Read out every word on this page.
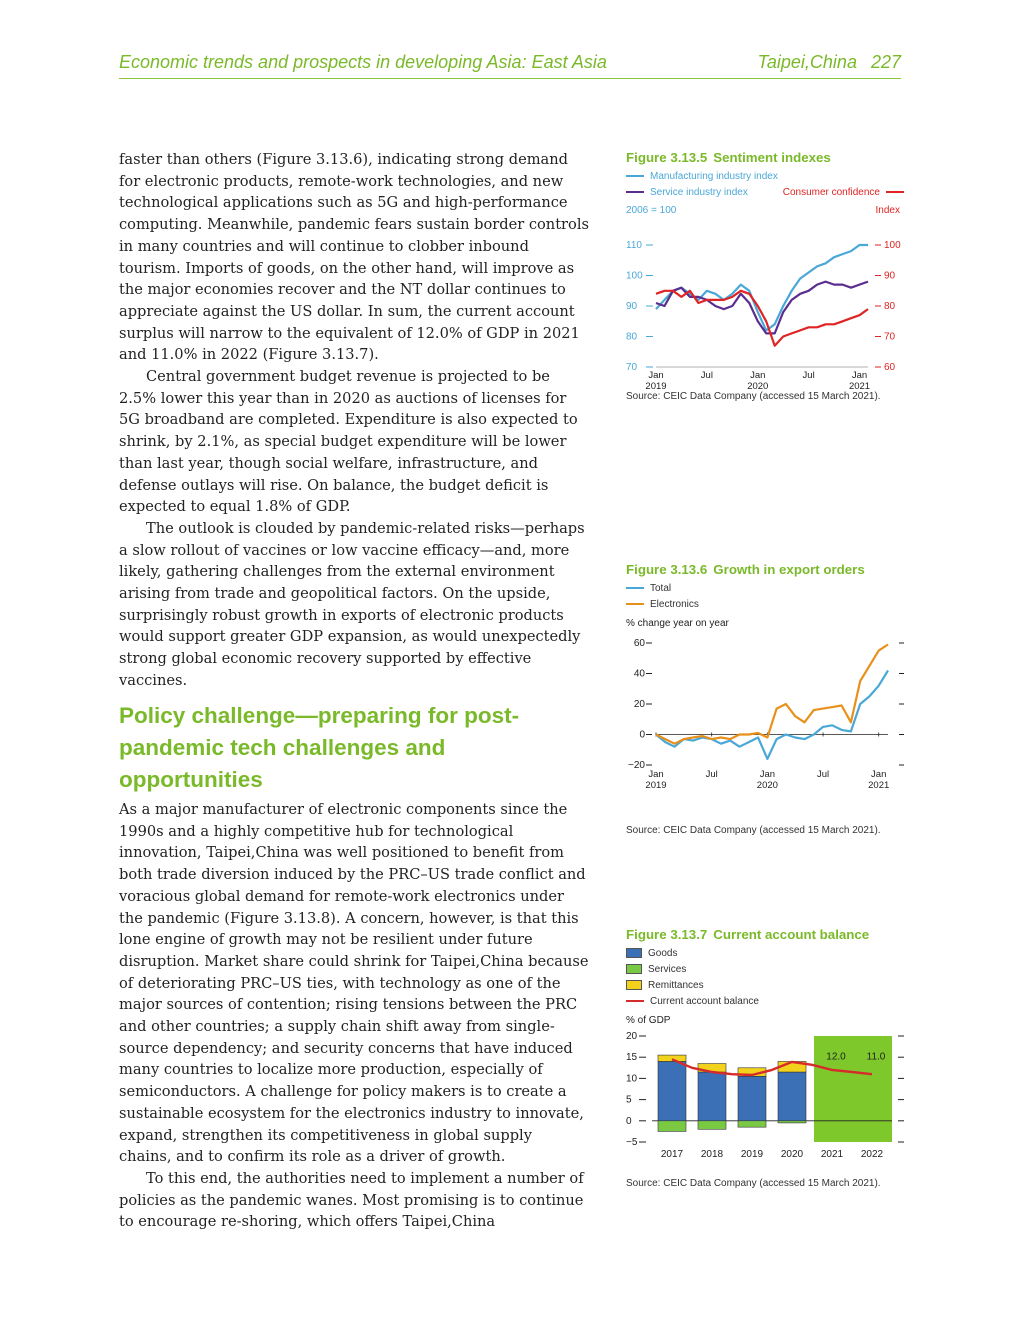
Economic trends and prospects in developing Asia: East Asia	Taipei,China 227

faster than others (Figure 3.13.6), indicating strong demand for electronic products, remote-work technologies, and new technological applications such as 5G and high-performance computing. Meanwhile, pandemic fears sustain border controls in many countries and will continue to clobber inbound tourism. Imports of goods, on the other hand, will improve as the major economies recover and the NT dollar continues to appreciate against the US dollar. In sum, the current account surplus will narrow to the equivalent of 12.0% of GDP in 2021 and 11.0% in 2022 (Figure 3.13.7).

Central government budget revenue is projected to be 2.5% lower this year than in 2020 as auctions of licenses for 5G broadband are completed. Expenditure is also expected to shrink, by 2.1%, as special budget expenditure will be lower than last year, though social welfare, infrastructure, and defense outlays will rise. On balance, the budget deficit is expected to equal 1.8% of GDP.

The outlook is clouded by pandemic-related risks—perhaps a slow rollout of vaccines or low vaccine efficacy—and, more likely, gathering challenges from the external environment arising from trade and geopolitical factors. On the upside, surprisingly robust growth in exports of electronic products would support greater GDP expansion, as would unexpectedly strong global economic recovery supported by effective vaccines.

Policy challenge—preparing for post-pandemic tech challenges and opportunities

As a major manufacturer of electronic components since the 1990s and a highly competitive hub for technological innovation, Taipei,China was well positioned to benefit from both trade diversion induced by the PRC–US trade conflict and voracious global demand for remote-work electronics under the pandemic (Figure 3.13.8). A concern, however, is that this lone engine of growth may not be resilient under future disruption. Market share could shrink for Taipei,China because of deteriorating PRC–US ties, with technology as one of the major sources of contention; rising tensions between the PRC and other countries; a supply chain shift away from single-source dependency; and security concerns that have induced many countries to localize more production, especially of semiconductors. A challenge for policy makers is to create a sustainable ecosystem for the electronics industry to innovate, expand, strengthen its competitiveness in global supply chains, and to confirm its role as a driver of growth.

To this end, the authorities need to implement a number of policies as the pandemic wanes. Most promising is to continue to encourage re-shoring, which offers Taipei,China

Figure 3.13.5 Sentiment indexes
Manufacturing industry index
Service industry index	Consumer confidence
2006 = 100	Index
70
80
90
100
110
60
70
80
90
100
Jan
2019
Jul	Jan
2020
Jul	Jan
2021
Source: CEIC Data Company (accessed 15 March 2021).
Figure 3.13.6 Growth in export orders
Total
Electronics
% change year on year
−20
0
20
40
60
Jan
2019
Jul	Jan
2020
Jul	Jan
2021
Source: CEIC Data Company (accessed 15 March 2021).
Figure 3.13.7 Current account balance
Goods
Services
Remittances
Current account balance
% of GDP
−5
0
5
10
15
20
2017 2018 2019 2020 2021 2022
12.0 11.0
Source: CEIC Data Company (accessed 15 March 2021).
